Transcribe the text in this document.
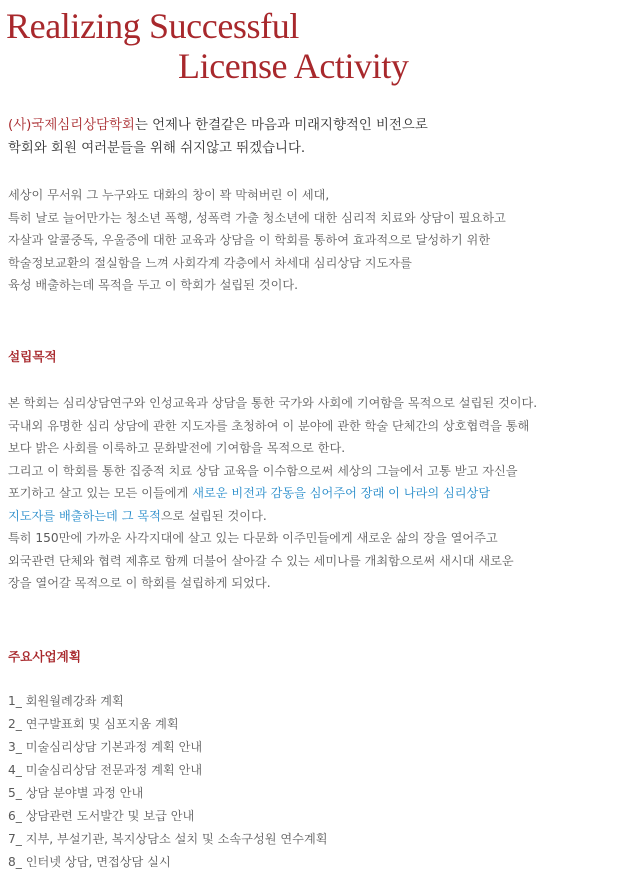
Realizing Successful
License Activity
(사)국제심리상담학회는 언제나 한결같은 마음과 미래지향적인 비전으로
학회와 회원 여러분들을 위해 쉬지않고 뛰겠습니다.

세상이 무서워 그 누구와도 대화의 창이 꽉 막혀버린 이 세대,

특히 날로 늘어만가는 청소년 폭행, 성폭력 가출 청소년에 대한 심리적 치료와 상담이 필요하고

자살과 알콜중독, 우울증에 대한 교육과 상담을 이 학회를 통하여 효과적으로 달성하기 위한

학술정보교환의 절실함을 느껴 사회각계 각층에서 차세대 심리상담 지도자를

육성 배출하는데 목적을 두고 이 학회가 설립된 것이다.

설립목적

본 학회는 심리상담연구와 인성교육과 상담을 통한 국가와 사회에 기여함을 목적으로 설립된 것이다.

국내외 유명한 심리 상담에 관한 지도자를 초청하여 이 분야에 관한 학술 단체간의 상호협력을 통해

보다 밝은 사회를 이룩하고 문화발전에 기여함을 목적으로 한다.

그리고 이 학회를 통한 집중적 치료 상담 교육을 이수함으로써 세상의 그늘에서 고통 받고 자신을

포기하고 살고 있는 모든 이들에게 새로운 비전과 감동을 심어주어 장래 이 나라의 심리상담

지도자를 배출하는데 그 목적으로 설립된 것이다.

특히 150만에 가까운 사각지대에 살고 있는 다문화 이주민들에게 새로운 삶의 장을 열어주고

외국관련 단체와 협력 제휴로 함께 더불어 살아갈 수 있는 세미나를 개최함으로써 새시대 새로운

장을 열어갈 목적으로 이 학회를 설립하게 되었다.

주요사업계획
1_ 회원월례강좌 계획
2_ 연구발표회 및 심포지움 계획
3_ 미술심리상담 기본과정 계획 안내
4_ 미술심리상담 전문과정 계획 안내
5_ 상담 분야별 과정 안내
6_ 상담관련 도서발간 및 보급 안내
7_ 지부, 부설기관, 복지상담소 설치 및 소속구성원 연수계획
8_ 인터넷 상담, 면접상담 실시
